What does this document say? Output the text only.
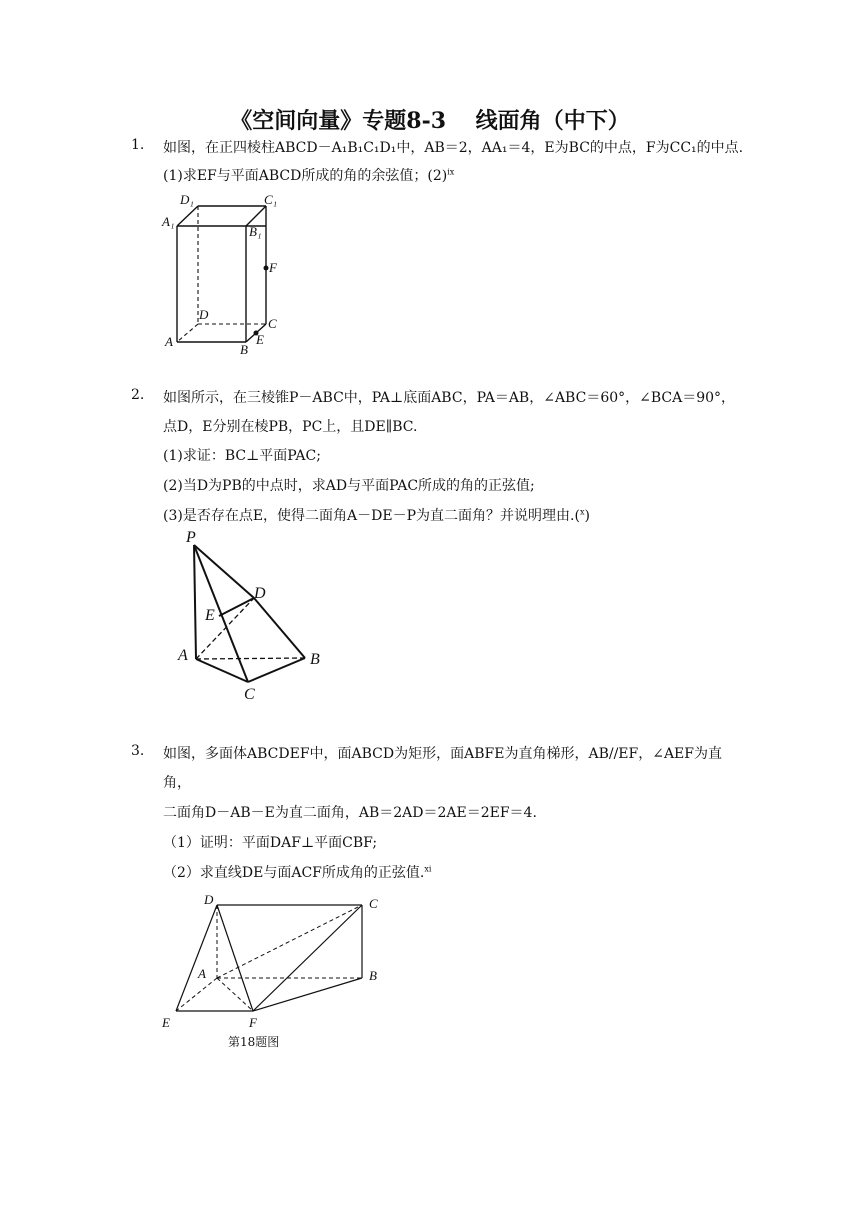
《空间向量》专题8-3　 线面角（中下）
1. 如图，在正四棱柱ABCD－A₁B₁C₁D₁中，AB＝2，AA₁＝4，E为BC的中点，F为CC₁的中点.
(1)求EF与平面ABCD所成的角的余弦值；(2)$^{ix}$
D₁	C₁
A₁
B₁
F
D
C
A	E
B
2. 如图所示，在三棱锥P－ABC中，PA⊥底面ABC，PA＝AB，∠ABC＝60°，∠BCA＝90°，
点D，E分别在棱PB，PC上，且DE∥BC.
(1)求证：BC⊥平面PAC;
(2)当D为PB的中点时，求AD与平面PAC所成的角的正弦值;
(3)是否存在点E，使得二面角A－DE－P为直二面角？并说明理由.($^x$)
P
D
E
A	B
C
3. 如图，多面体ABCDEF中，面ABCD为矩形，面ABFE为直角梯形，AB//EF，∠AEF为直
角，
二面角D－AB－E为直二面角，AB＝2AD＝2AE＝2EF＝4.
（1）证明：平面DAF⊥平面CBF;
（2）求直线DE与面ACF所成角的正弦值.$^{xi}$
D	C
A	B
E	F
第18题图
